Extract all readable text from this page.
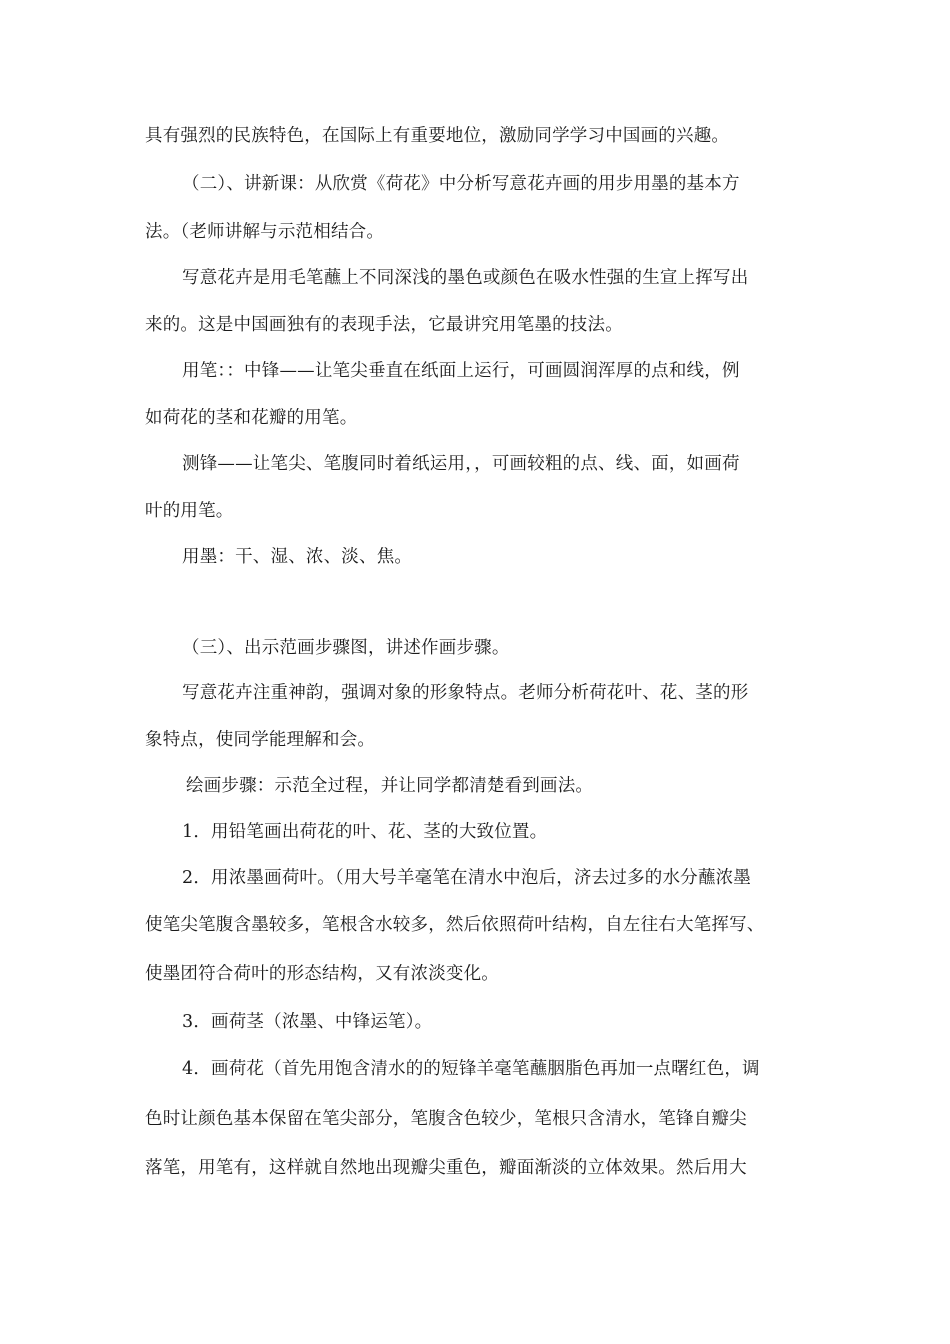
具有强烈的民族特色，在国际上有重要地位，激励同学学习中国画的兴趣。
（二）、讲新课：从欣赏《荷花》中分析写意花卉画的用步用墨的基本方
法。（老师讲解与示范相结合。
写意花卉是用毛笔蘸上不同深浅的墨色或颜色在吸水性强的生宣上挥写出
来的。这是中国画独有的表现手法，它最讲究用笔墨的技法。
用笔：：中锋——让笔尖垂直在纸面上运行，可画圆润浑厚的点和线，例
如荷花的茎和花瓣的用笔。
测锋——让笔尖、笔腹同时着纸运用，，可画较粗的点、线、面，如画荷
叶的用笔。
用墨：干、湿、浓、淡、焦。
（三）、出示范画步骤图，讲述作画步骤。
写意花卉注重神韵，强调对象的形象特点。老师分析荷花叶、花、茎的形
象特点，使同学能理解和会。
绘画步骤：示范全过程，并让同学都清楚看到画法。
1．用铅笔画出荷花的叶、花、茎的大致位置。
2．用浓墨画荷叶。（用大号羊毫笔在清水中泡后，济去过多的水分蘸浓墨
使笔尖笔腹含墨较多，笔根含水较多，然后依照荷叶结构，自左往右大笔挥写、
使墨团符合荷叶的形态结构，又有浓淡变化。
3．画荷茎（浓墨、中锋运笔）。
4．画荷花（首先用饱含清水的的短锋羊毫笔蘸胭脂色再加一点曙红色，调
色时让颜色基本保留在笔尖部分，笔腹含色较少，笔根只含清水，笔锋自瓣尖
落笔，用笔有，这样就自然地出现瓣尖重色，瓣面渐淡的立体效果。然后用大
